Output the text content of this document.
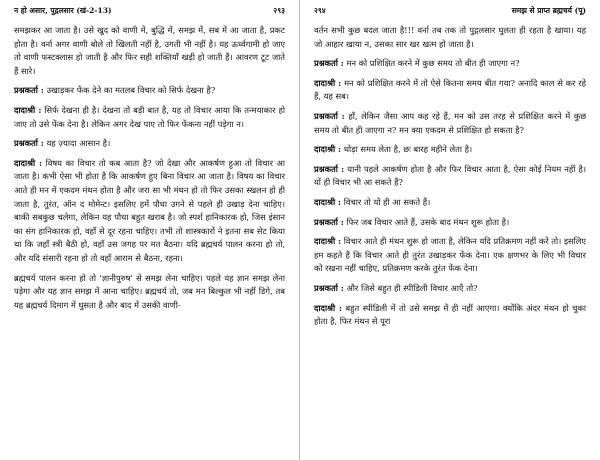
न हो असार, पुद्गलसार (खं-2-13)	२९३

समझकर आ जाता है। उसे खुद को वाणी में, बुद्धि में, समझ में, सब में आ जाता है, प्रकट होता है। वर्ना अगर वाणी बोले तो खिलती नहीं है, उगती भी नहीं है। यह ऊर्ध्वगामी हो जाए तो वाणी फस्टक्लास हो जाती है और फिर सही शक्तियाँ खड़ी हो जाती हैं। आवरण टूट जाते हैं सारे।

प्रश्नकर्ता : उखाड़कर फेंक देने का मतलब विचार को सिर्फ देखना है?

दादाश्री : सिर्फ देखना ही है। देखना तो बड़ी बात है, यह तो विचार आया कि तन्मयाकार हो जाए तो उसे फेंक देना है। लेकिन अगर देख पाए तो फिर फेंकना नहीं पड़ेगा न।

प्रश्नकर्ता : यह ज़्यादा आसान है।

दादाश्री : विषय का विचार तो कब आता है? जो देखा और आकर्षण हुआ तो विचार आ जाता है। कभी ऐसा भी होता है कि आकर्षण हुए बिना विचार आ जाता है। विषय का विचार आते ही मन में एकदम मंथन होता है और जरा सा भी मंथन हो तो फिर उसका स्खलन हो ही जाता है, तुरंत, ऑन द मोमेन्ट। इसलिए हमें पौधा उगने से पहले ही उखाड़ देना चाहिए। बाकी सबकुछ चलेगा, लेकिन यह पौधा बहुत खराब है। जो स्पर्श हानिकारक हो, जिस इंसान का संग हानिकारक हो, वहाँ से दूर रहना चाहिए। तभी तो शास्त्रकारों ने इतना सब सेट किया था कि जहाँ स्त्री बैठी हो, वहाँ उस जगह पर मत बैठना। यदि ब्रह्मचर्य पालन करना हो तो, और यदि संसारी रहना हो तो वहाँ आराम से बैठना, रहना।

ब्रह्मचर्य पालन करना हो तो 'ज्ञानीपुरुष' से समझ लेना चाहिए। पहले यह ज्ञान समझ लेना पड़ेगा और यह ज्ञान समझ में आना चाहिए। ब्रह्मचर्य तो, जब मन बिल्कुल भी नहीं डिगे, तब यह ब्रह्मचर्य दिमाग में घुसता है और बाद में उसकी वाणी-

२९४	समझ से प्राप्त ब्रह्मचर्य (पू)

वर्तन सभी कुछ बदल जाता है!!! वर्ना तब तक तो पुद्गलसार घुलता ही रहता है खाया। यह जो आहार खाया न, उसका सार खर खत्म हो जाता है।

प्रश्नकर्ता : मन को प्रशिक्षित करने में कुछ समय तो बीत ही जाएगा न?

दादाश्री : मन को प्रशिक्षित करने में तो ऐसे कितना समय बीत गया? अनादि काल से कर रहे हैं, यह सब।

प्रश्नकर्ता : हाँ, लेकिन जैसा आप कह रहे हैं, मन को उस तरह से प्रशिक्षित करने में कुछ समय तो बीत ही जाएगा न? मन क्या एकदम से प्रशिक्षित हो सकता है?

दादाश्री : थोड़ा समय लेता है, छः बारह महीने लेता है।

प्रश्नकर्ता : यानी पहले आकर्षण होता है और फिर विचार आता है, ऐसा कोई नियम नहीं है। यों ही विचार भी आ सकते हैं?

दादाश्री : विचार तो यों ही आ सकते हैं।

प्रश्नकर्ता : फिर जब विचार आते हैं, उसके बाद मंथन शुरू होता है।

दादाश्री : विचार आते ही मंथन शुरू हो जाता है, लेकिन यदि प्रतिक्रमण नहीं करें तो। इसलिए हम कहते हैं कि विचार आते ही तुरंत उखाड़कर फेंक देना। एक क्षणभर के लिए भी विचार को रखना नहीं चाहिए, प्रतिक्रमण करके तुरंत फेंक देना।

प्रश्नकर्ता : और जिसे बहुत ही स्पीडिली विचार आएँ तो?

दादाश्री : बहुत स्पीडिली में तो उसे समझ में ही नहीं आएगा। क्योंकि अंदर मंथन हो चुका होता है, फिर मंथन से पूरा
